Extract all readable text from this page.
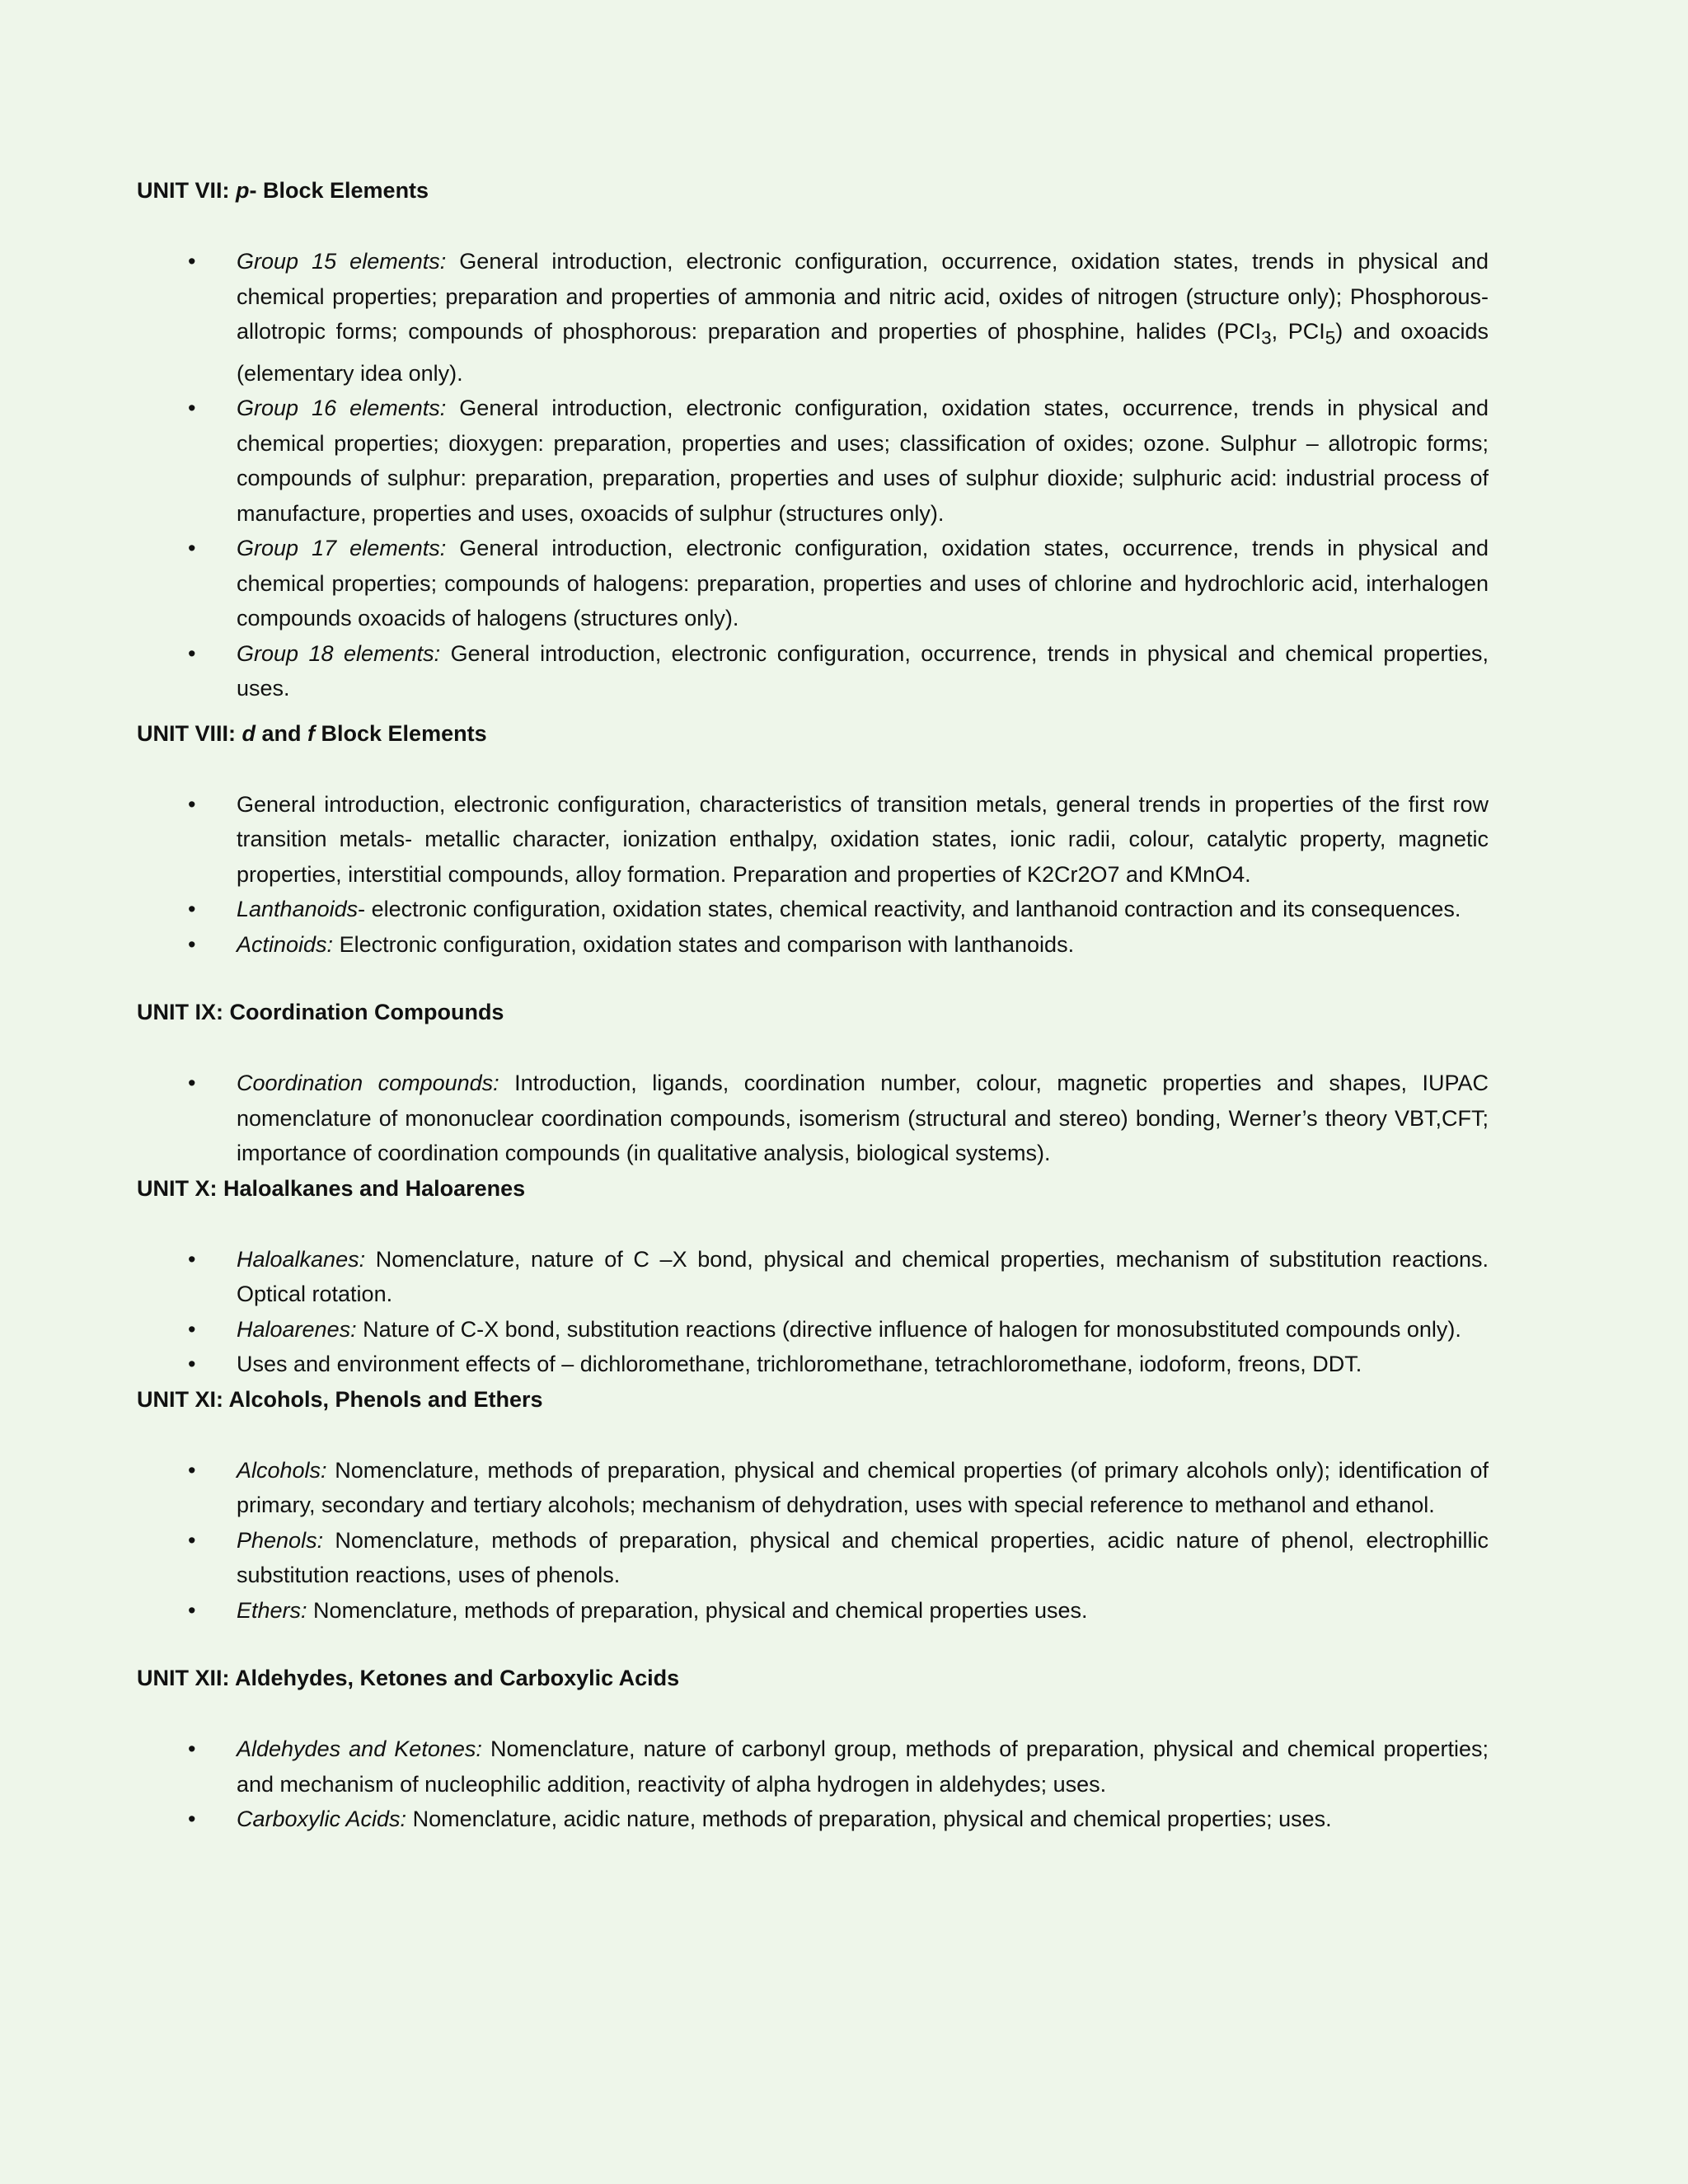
UNIT VII: p- Block Elements
• Group 15 elements: General introduction, electronic configuration, occurrence, oxidation states, trends in physical and chemical properties; preparation and properties of ammonia and nitric acid, oxides of nitrogen (structure only); Phosphorous- allotropic forms; compounds of phosphorous: preparation and properties of phosphine, halides ($PCI_3$, $PCI_5$) and oxoacids (elementary idea only).
• Group 16 elements: General introduction, electronic configuration, oxidation states, occurrence, trends in physical and chemical properties; dioxygen: preparation, properties and uses; classification of oxides; ozone. Sulphur – allotropic forms; compounds of sulphur: preparation, preparation, properties and uses of sulphur dioxide; sulphuric acid: industrial process of manufacture, properties and uses, oxoacids of sulphur (structures only).
• Group 17 elements: General introduction, electronic configuration, oxidation states, occurrence, trends in physical and chemical properties; compounds of halogens: preparation, properties and uses of chlorine and hydrochloric acid, interhalogen compounds oxoacids of halogens (structures only).
• Group 18 elements: General introduction, electronic configuration, occurrence, trends in physical and chemical properties, uses.
UNIT VIII: d and f Block Elements
• General introduction, electronic configuration, characteristics of transition metals, general trends in properties of the first row transition metals- metallic character, ionization enthalpy, oxidation states, ionic radii, colour, catalytic property, magnetic properties, interstitial compounds, alloy formation. Preparation and properties of K2Cr2O7 and KMnO4.
• Lanthanoids- electronic configuration, oxidation states, chemical reactivity, and lanthanoid contraction and its consequences.
• Actinoids: Electronic configuration, oxidation states and comparison with lanthanoids.
UNIT IX: Coordination Compounds
• Coordination compounds: Introduction, ligands, coordination number, colour, magnetic properties and shapes, IUPAC nomenclature of mononuclear coordination compounds, isomerism (structural and stereo) bonding, Werner’s theory VBT,CFT; importance of coordination compounds (in qualitative analysis, biological systems).
UNIT X: Haloalkanes and Haloarenes
• Haloalkanes: Nomenclature, nature of C –X bond, physical and chemical properties, mechanism of substitution reactions. Optical rotation.
• Haloarenes: Nature of C-X bond, substitution reactions (directive influence of halogen for monosubstituted compounds only).
• Uses and environment effects of – dichloromethane, trichloromethane, tetrachloromethane, iodoform, freons, DDT.
UNIT XI: Alcohols, Phenols and Ethers
• Alcohols: Nomenclature, methods of preparation, physical and chemical properties (of primary alcohols only); identification of primary, secondary and tertiary alcohols; mechanism of dehydration, uses with special reference to methanol and ethanol.
• Phenols: Nomenclature, methods of preparation, physical and chemical properties, acidic nature of phenol, electrophillic substitution reactions, uses of phenols.
• Ethers: Nomenclature, methods of preparation, physical and chemical properties uses.
UNIT XII: Aldehydes, Ketones and Carboxylic Acids
• Aldehydes and Ketones: Nomenclature, nature of carbonyl group, methods of preparation, physical and chemical properties; and mechanism of nucleophilic addition, reactivity of alpha hydrogen in aldehydes; uses.
• Carboxylic Acids: Nomenclature, acidic nature, methods of preparation, physical and chemical properties; uses.
